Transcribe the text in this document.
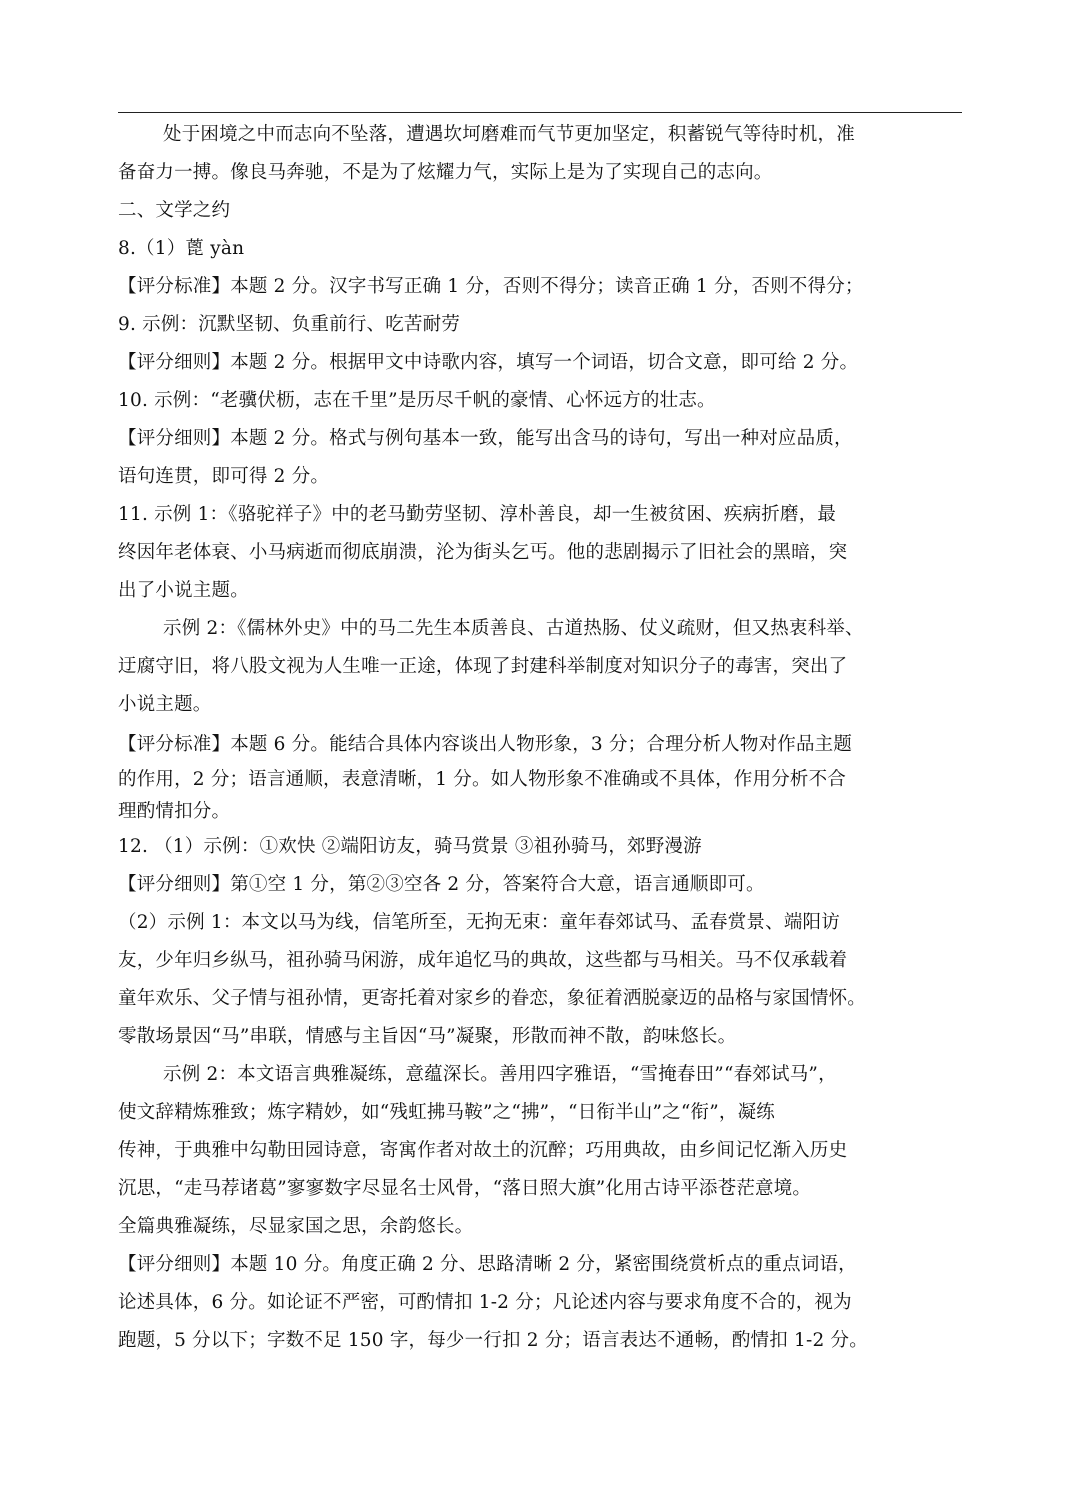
处于困境之中而志向不坠落，遭遇坎坷磨难而气节更加坚定，积蓄锐气等待时机，准
备奋力一搏。像良马奔驰，不是为了炫耀力气，实际上是为了实现自己的志向。
二、文学之约
8.（1）蓖 yàn
【评分标准】本题 2 分。汉字书写正确 1 分，否则不得分；读音正确 1 分，否则不得分；
9. 示例：沉默坚韧、负重前行、吃苦耐劳
【评分细则】本题 2 分。根据甲文中诗歌内容，填写一个词语，切合文意，即可给 2 分。
10. 示例：“老骥伏枥，志在千里”是历尽千帆的豪情、心怀远方的壮志。
【评分细则】本题 2 分。格式与例句基本一致，能写出含马的诗句，写出一种对应品质，
语句连贯，即可得 2 分。
11. 示例 1：《骆驼祥子》中的老马勤劳坚韧、淳朴善良，却一生被贫困、疾病折磨，最
终因年老体衰、小马病逝而彻底崩溃，沦为街头乞丐。他的悲剧揭示了旧社会的黑暗，突
出了小说主题。
示例 2：《儒林外史》中的马二先生本质善良、古道热肠、仗义疏财，但又热衷科举、
迂腐守旧，将八股文视为人生唯一正途，体现了封建科举制度对知识分子的毒害，突出了
小说主题。
【评分标准】本题 6 分。能结合具体内容谈出人物形象，3 分；合理分析人物对作品主题
的作用，2 分；语言通顺，表意清晰，1 分。如人物形象不准确或不具体，作用分析不合
理酌情扣分。
12. （1）示例：①欢快 ②端阳访友，骑马赏景 ③祖孙骑马，郊野漫游
【评分细则】第①空 1 分，第②③空各 2 分，答案符合大意，语言通顺即可。
（2）示例 1：本文以马为线，信笔所至，无拘无束：童年春郊试马、孟春赏景、端阳访
友，少年归乡纵马，祖孙骑马闲游，成年追忆马的典故，这些都与马相关。马不仅承载着
童年欢乐、父子情与祖孙情，更寄托着对家乡的眷恋，象征着洒脱豪迈的品格与家国情怀。
零散场景因“马”串联，情感与主旨因“马”凝聚，形散而神不散，韵味悠长。
示例 2：本文语言典雅凝练，意蕴深长。善用四字雅语，“雪掩春田”“春郊试马”，
使文辞精炼雅致；炼字精妙，如“残虹拂马鞍”之“拂”，“日衔半山”之“衔”，凝练
传神，于典雅中勾勒田园诗意，寄寓作者对故土的沉醉；巧用典故，由乡间记忆渐入历史
沉思，“走马荐诸葛”寥寥数字尽显名士风骨，“落日照大旗”化用古诗平添苍茫意境。
全篇典雅凝练，尽显家国之思，余韵悠长。
【评分细则】本题 10 分。角度正确 2 分、思路清晰 2 分，紧密围绕赏析点的重点词语，
论述具体，6 分。如论证不严密，可酌情扣 1-2 分；凡论述内容与要求角度不合的，视为
跑题，5 分以下；字数不足 150 字，每少一行扣 2 分；语言表达不通畅，酌情扣 1-2 分。
